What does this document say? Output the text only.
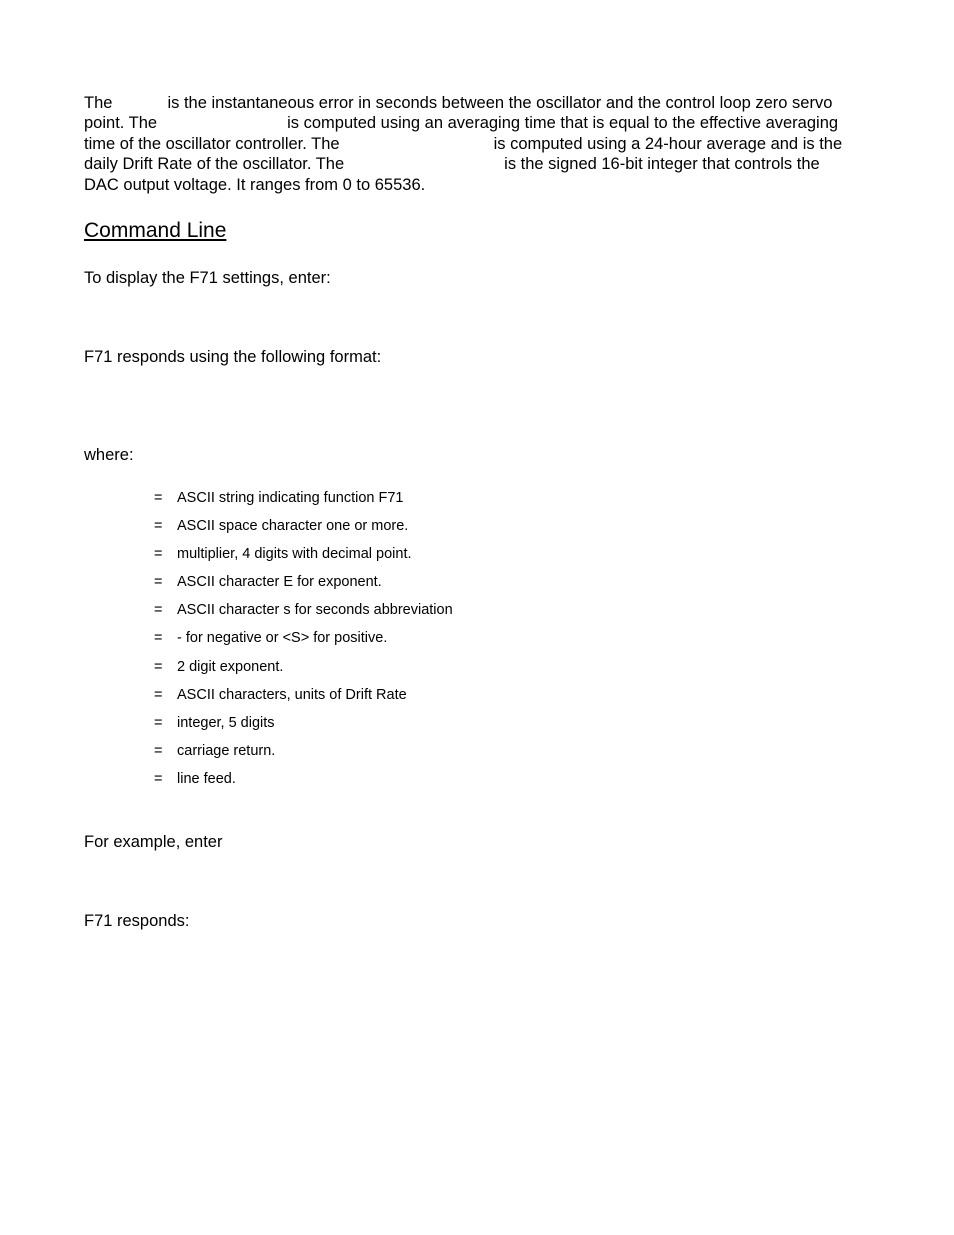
The	is the instantaneous error in seconds between the oscillator and the control loop zero servo
point. The	is computed using an averaging time that is equal to the effective averaging
time of the oscillator controller. The	is computed using a 24-hour average and is the
daily Drift Rate of the oscillator. The	is the signed 16-bit integer that controls the
DAC output voltage. It ranges from 0 to 65536.
Command Line

To display the F71 settings, enter:

F71 responds using the following format:

where:

= ASCII string indicating function F71
= ASCII space character one or more.
= multiplier, 4 digits with decimal point.
= ASCII character E for exponent.
= ASCII character s for seconds abbreviation
= - for negative or <S> for positive.
= 2 digit exponent.
= ASCII characters, units of Drift Rate
= integer, 5 digits
= carriage return.
= line feed.

For example, enter

F71 responds:
